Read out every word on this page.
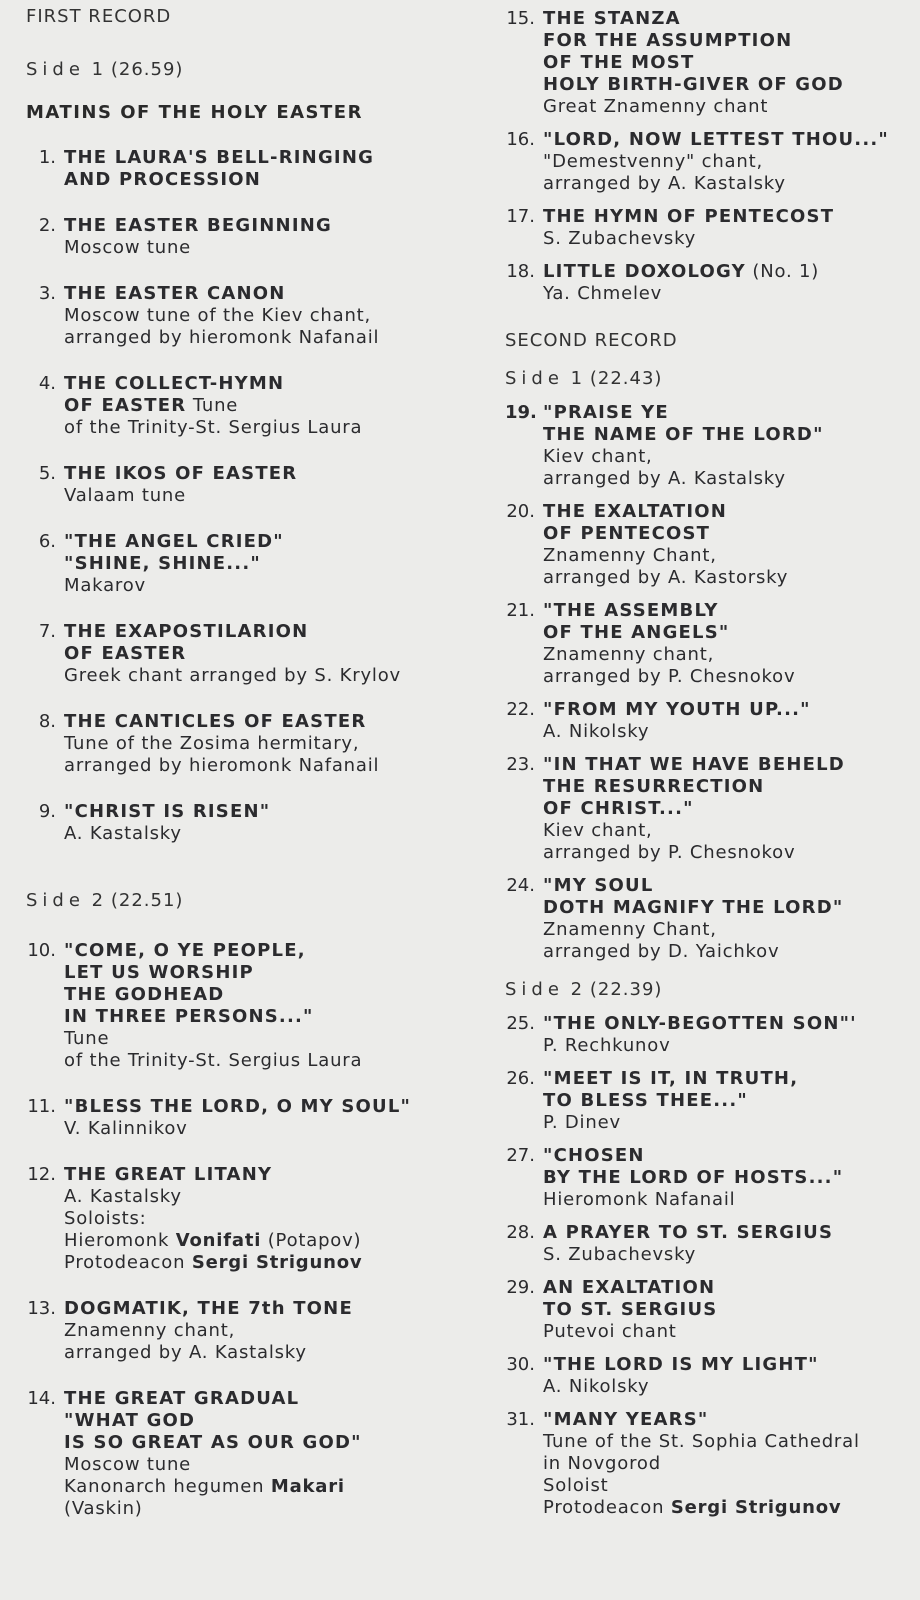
FIRST RECORD
Side 1 (26.59)
MATINS OF THE HOLY EASTER
1. THE LAURA'S BELL-RINGING
AND PROCESSION
2. THE EASTER BEGINNING
Moscow tune
3. THE EASTER CANON
Moscow tune of the Kiev chant,
arranged by hieromonk Nafanail
4. THE COLLECT-HYMN
OF EASTER Tune
of the Trinity-St. Sergius Laura
5. THE IKOS OF EASTER
Valaam tune
6. "THE ANGEL CRIED"
"SHINE, SHINE..."
Makarov
7. THE EXAPOSTILARION
OF EASTER
Greek chant arranged by S. Krylov
8. THE CANTICLES OF EASTER
Tune of the Zosima hermitary,
arranged by hieromonk Nafanail
9. "CHRIST IS RISEN"
A. Kastalsky
Side 2 (22.51)
10. "COME, O YE PEOPLE,
LET US WORSHIP
THE GODHEAD
IN THREE PERSONS..."
Tune
of the Trinity-St. Sergius Laura
11. "BLESS THE LORD, O MY SOUL"
V. Kalinnikov
12. THE GREAT LITANY
A. Kastalsky
Soloists:
Hieromonk Vonifati (Potapov)
Protodeacon Sergi Strigunov
13. DOGMATIK, THE 7th TONE
Znamenny chant,
arranged by A. Kastalsky
14. THE GREAT GRADUAL
"WHAT GOD
IS SO GREAT AS OUR GOD"
Moscow tune
Kanonarch hegumen Makari
(Vaskin)
15. THE STANZA
FOR THE ASSUMPTION
OF THE MOST
HOLY BIRTH-GIVER OF GOD
Great Znamenny chant
16. "LORD, NOW LETTEST THOU..."
"Demestvenny" chant,
arranged by A. Kastalsky
17. THE HYMN OF PENTECOST
S. Zubachevsky
18. LITTLE DOXOLOGY (No. 1)
Ya. Chmelev
SECOND RECORD
Side 1 (22.43)
19. "PRAISE YE
THE NAME OF THE LORD"
Kiev chant,
arranged by A. Kastalsky
20. THE EXALTATION
OF PENTECOST
Znamenny Chant,
arranged by A. Kastorsky
21. "THE ASSEMBLY
OF THE ANGELS"
Znamenny chant,
arranged by P. Chesnokov
22. "FROM MY YOUTH UP..."
A. Nikolsky
23. "IN THAT WE HAVE BEHELD
THE RESURRECTION
OF CHRIST..."
Kiev chant,
arranged by P. Chesnokov
24. "MY SOUL
DOTH MAGNIFY THE LORD"
Znamenny Chant,
arranged by D. Yaichkov
Side 2 (22.39)
25. "THE ONLY-BEGOTTEN SON"'
P. Rechkunov
26. "MEET IS IT, IN TRUTH,
TO BLESS THEE..."
P. Dinev
27. "CHOSEN
BY THE LORD OF HOSTS..."
Hieromonk Nafanail
28. A PRAYER TO ST. SERGIUS
S. Zubachevsky
29. AN EXALTATION
TO ST. SERGIUS
Putevoi chant
30. "THE LORD IS MY LIGHT"
A. Nikolsky
31. "MANY YEARS"
Tune of the St. Sophia Cathedral
in Novgorod
Soloist
Protodeacon Sergi Strigunov
